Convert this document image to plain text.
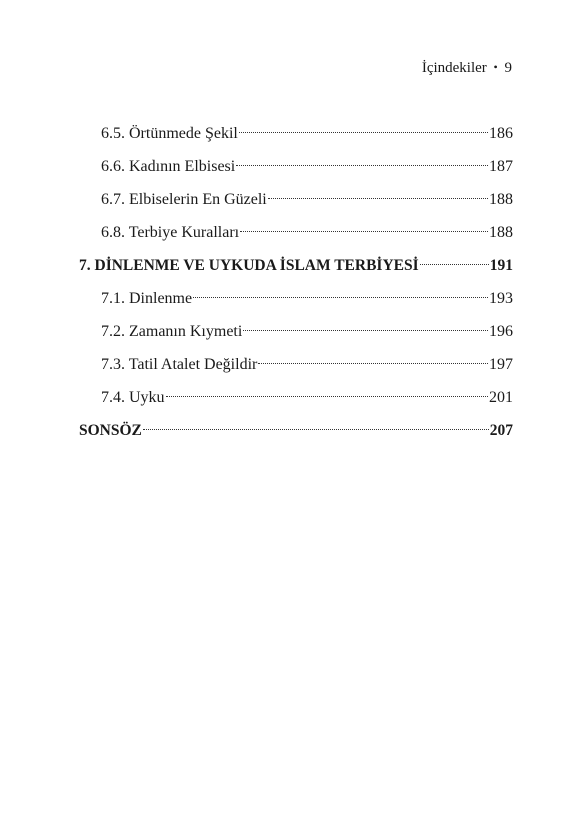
İçindekiler • 9
6.5. Örtünmede Şekil	186
6.6. Kadının Elbisesi	187
6.7. Elbiselerin En Güzeli	188
6.8. Terbiye Kuralları	188
7. DİNLENME VE UYKUDA İSLAM TERBİYESİ	191
7.1. Dinlenme	193
7.2. Zamanın Kıymeti	196
7.3. Tatil Atalet Değildir	197
7.4. Uyku	201
SONSÖZ	207
